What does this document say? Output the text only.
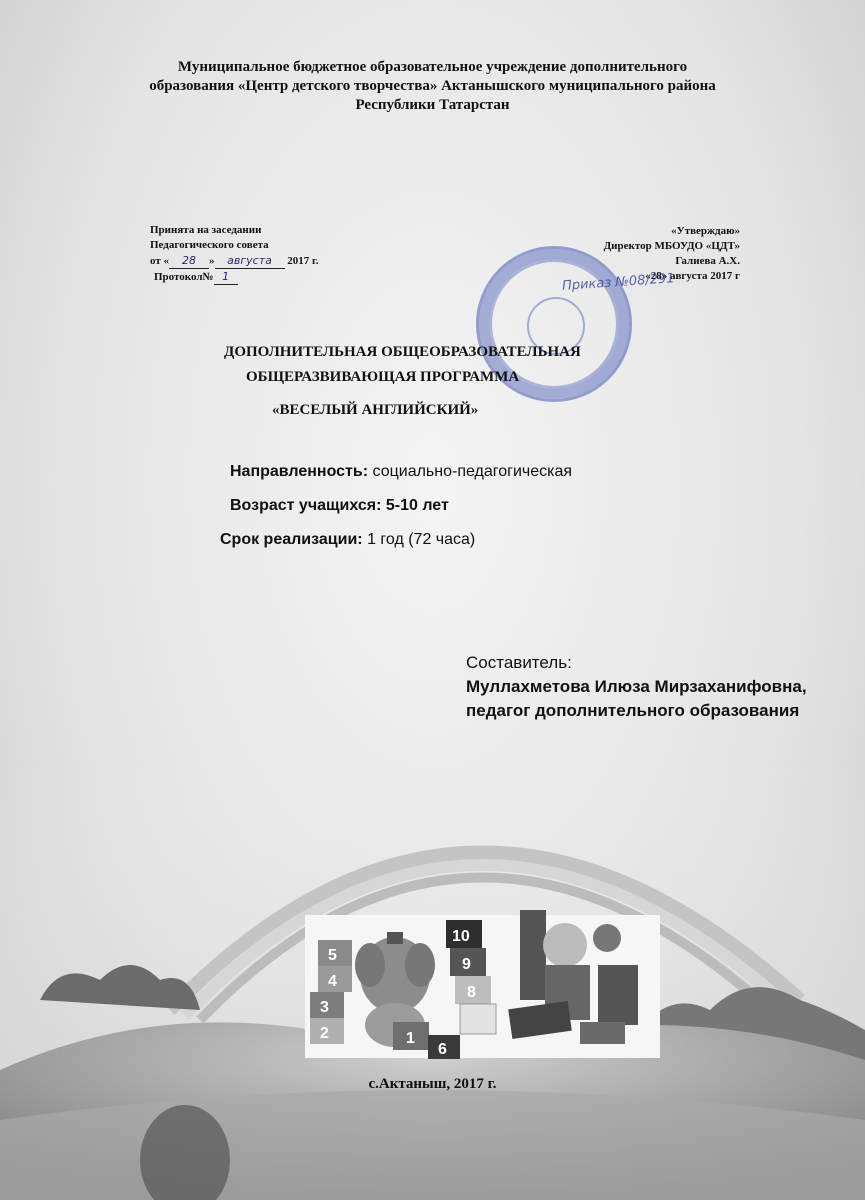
Муниципальное бюджетное образовательное учреждение дополнительного
образования «Центр детского творчества» Актанышского муниципального района
Республики Татарстан
Принята на заседании
Педагогического совета
от « 28 » августа 2017 г.
Протокол№ 1
«Утверждаю»
Директор МБОУДО «ЦДТ»
Галиева А.Х.
«28» августа 2017 г
Приказ №08/291
ДОПОЛНИТЕЛЬНАЯ ОБЩЕОБРАЗОВАТЕЛЬНАЯ
ОБЩЕРАЗВИВАЮЩАЯ ПРОГРАММА
«ВЕСЕЛЫЙ АНГЛИЙСКИЙ»
Направленность: социально-педагогическая
Возраст учащихся: 5-10 лет
Срок реализации: 1 год (72 часа)
Составитель:
Муллахметова Илюза Мирзаханифовна,
педагог дополнительного образования
5
4
3
2	1
6
10
9
8
с.Актаныш, 2017 г.
